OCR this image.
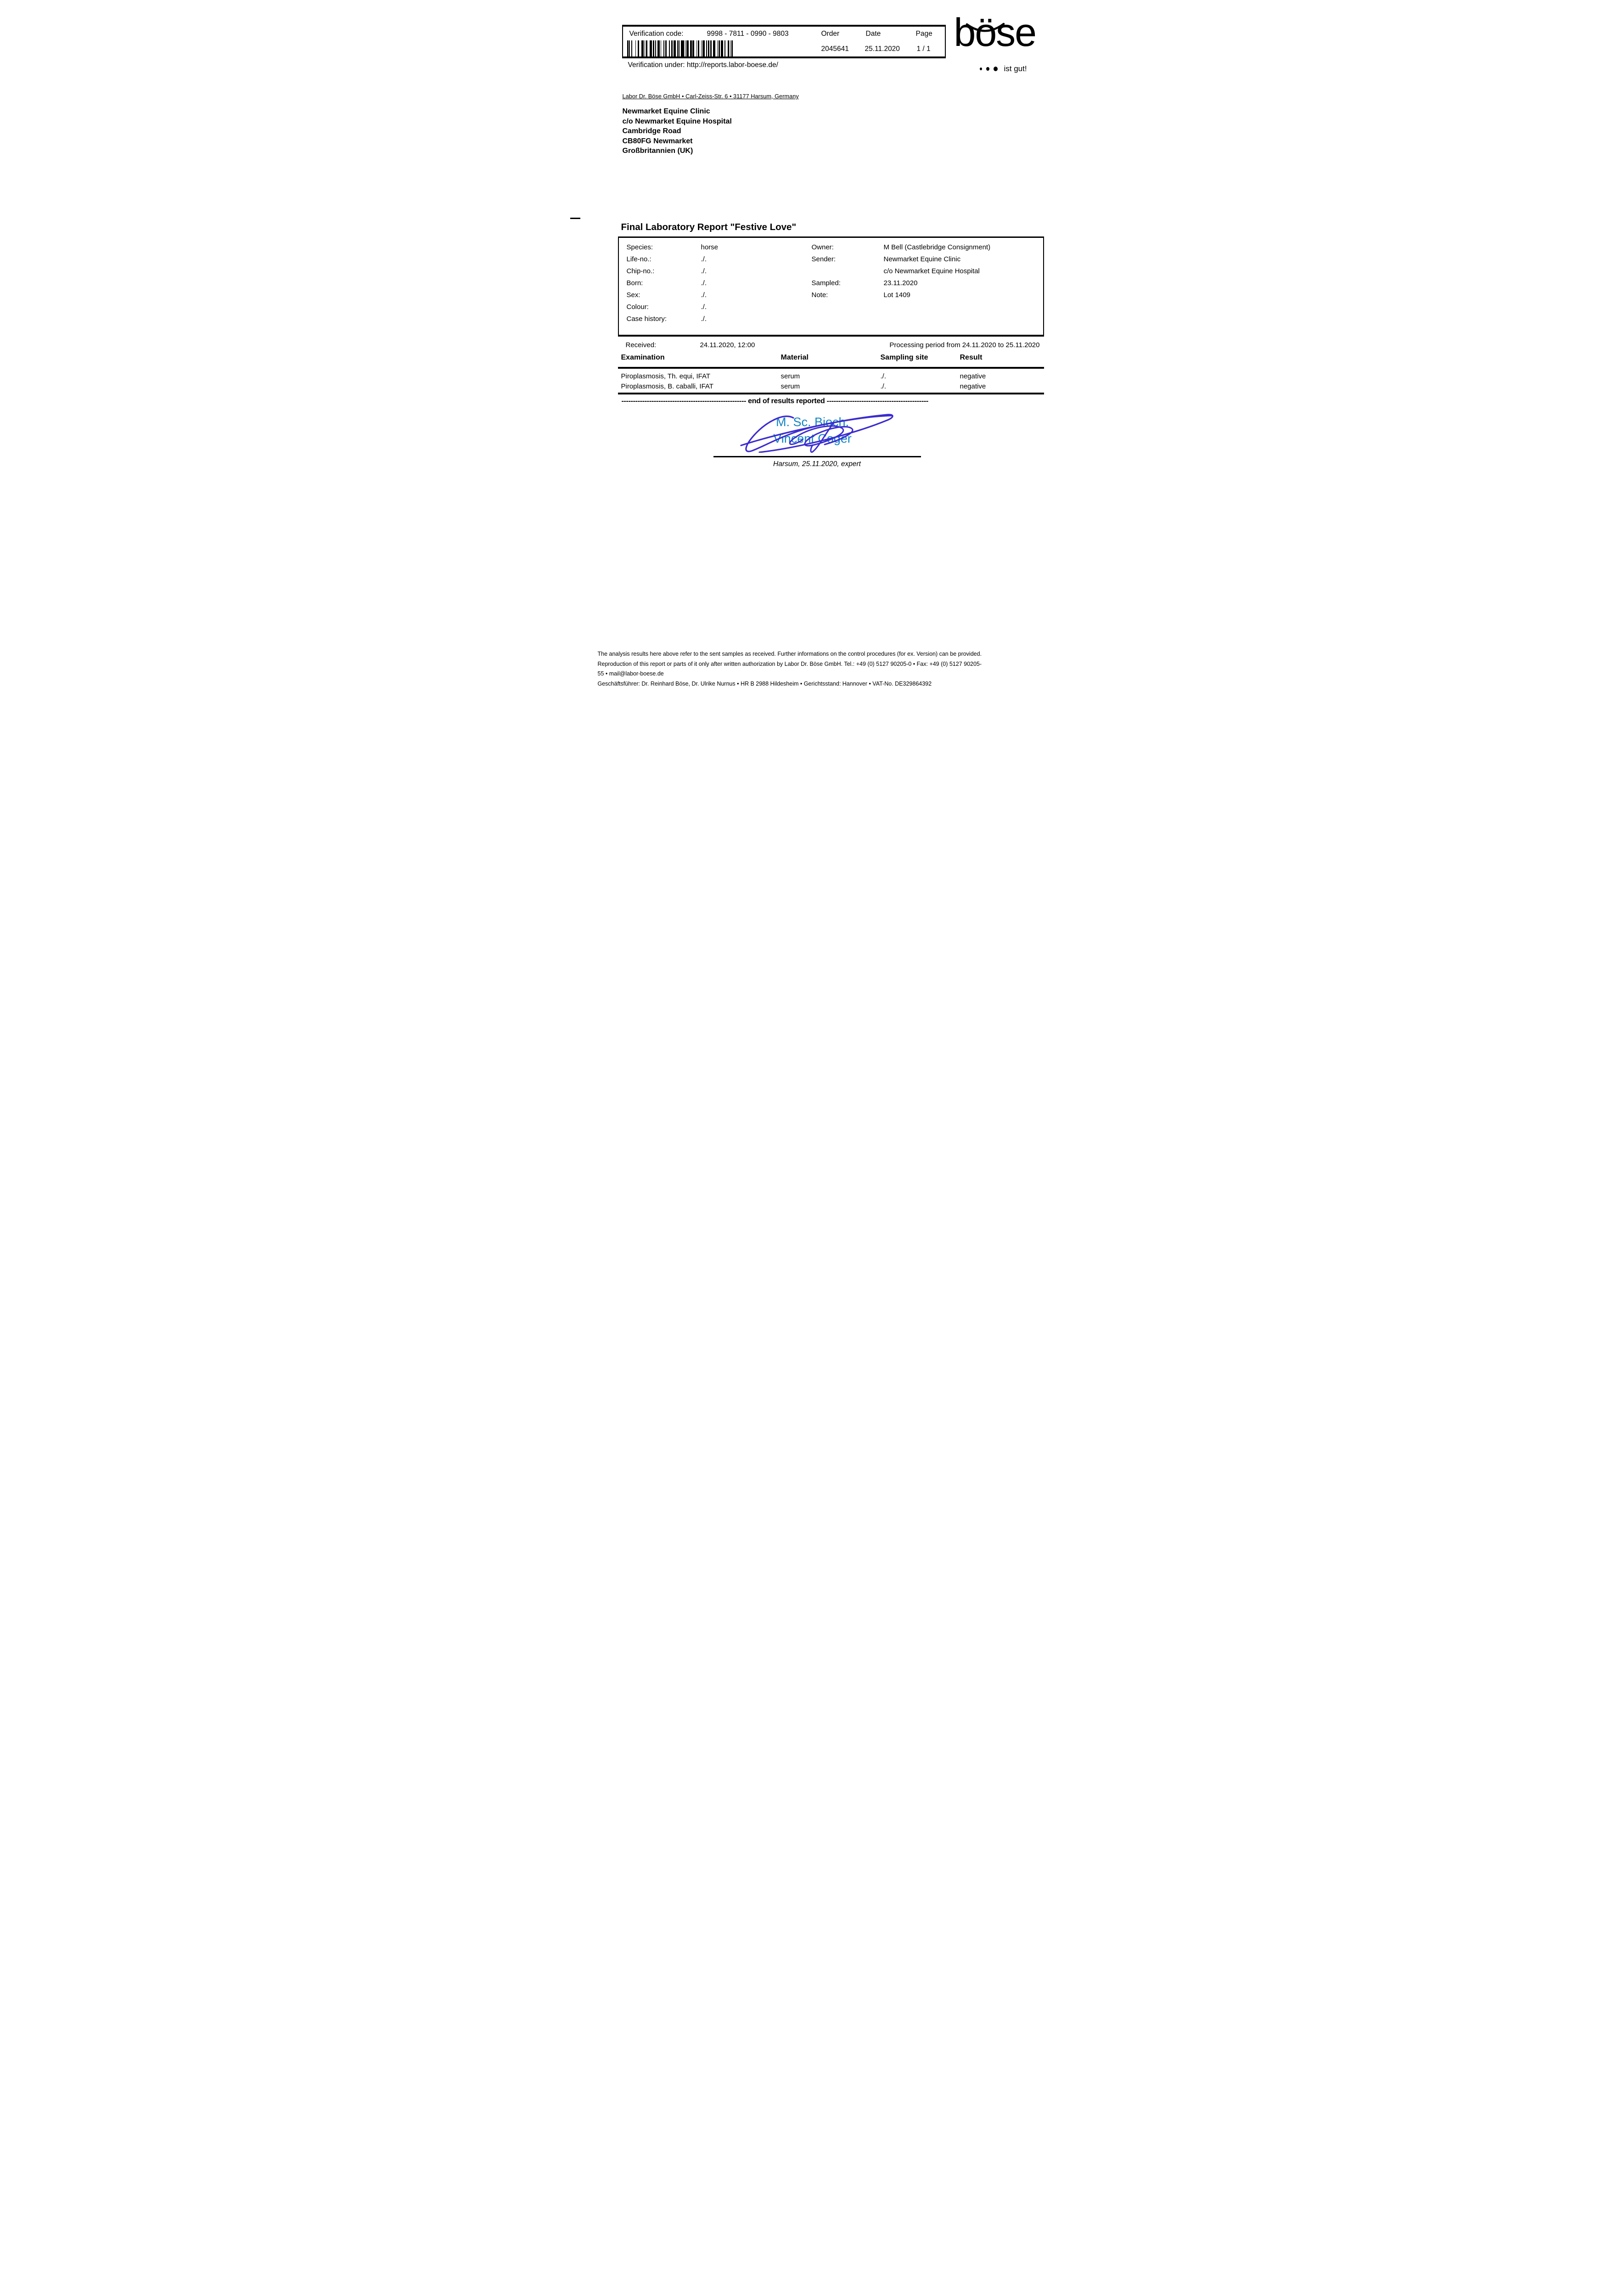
Verification code:	9998 - 7811 - 0990 - 9803	Order	Date	Page
2045641 25.11.2020 1 / 1
Verification under: http://reports.labor-boese.de/
böse
ist gut!
Labor Dr. Böse GmbH • Carl-Zeiss-Str. 6 • 31177 Harsum, Germany
Newmarket Equine Clinic
c/o Newmarket Equine Hospital
Cambridge Road
CB80FG Newmarket
Großbritannien (UK)
Final Laboratory Report "Festive Love"
Species:	horse	Owner:	M Bell (Castlebridge Consignment)
Life-no.:	./.	Sender:	Newmarket Equine Clinic
Chip-no.:	./.	c/o Newmarket Equine Hospital
Born:	./.	Sampled:	23.11.2020
Sex:	./.	Note:	Lot 1409
Colour:	./.
Case history:	./.
Received:	24.11.2020, 12:00	Processing period from 24.11.2020 to 25.11.2020
Examination	Material	Sampling site	Result
Piroplasmosis, Th. equi, IFAT	serum	./.	negative
Piroplasmosis, B. caballi, IFAT	serum	./.	negative
------------------------------------------------------ end of results reported --------------------------------------------
M. Sc. Bioch.
Vincent Coger
Harsum, 25.11.2020, expert
The analysis results here above refer to the sent samples as received. Further informations on the control procedures (for ex. Version) can be provided.
Reproduction of this report or parts of it only after written authorization by Labor Dr. Böse GmbH. Tel.: +49 (0) 5127 90205-0 • Fax: +49 (0) 5127 90205-
55 • mail@labor-boese.de
Geschäftsführer: Dr. Reinhard Böse, Dr. Ulrike Nurnus • HR B 2988 Hildesheim • Gerichtsstand: Hannover • VAT-No. DE329864392
